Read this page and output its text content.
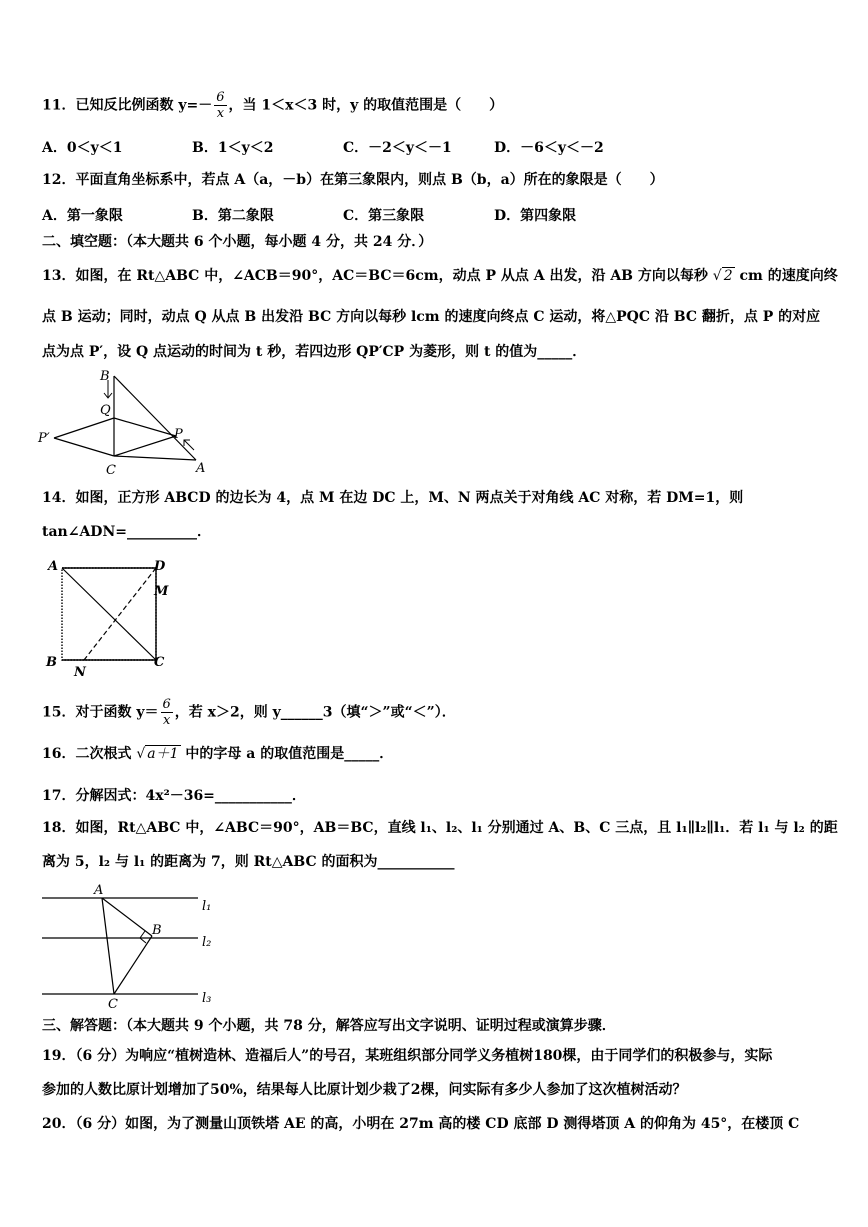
11．已知反比例函数 $y=- \frac{6}{x}$ ，当 1＜x＜3 时，y 的取值范围是（　　）
A．0＜y＜1	B．1＜y＜2	C．－2＜y＜－1	D．－6＜y＜－2
12．平面直角坐标系中，若点 A（a，－b）在第三象限内，则点 B（b，a）所在的象限是（　　）
A．第一象限	B．第二象限	C．第三象限	D．第四象限
二、填空题：（本大题共 6 个小题，每小题 4 分，共 24 分．）
13．如图，在 Rt△ABC 中，∠ACB＝90°，AC＝BC＝6cm，动点 P 从点 A 出发，沿 AB 方向以每秒 √ 2 cm 的速度向终
点 B 运动；同时，动点 Q 从点 B 出发沿 BC 方向以每秒 lcm 的速度向终点 C 运动，将△PQC 沿 BC 翻折，点 P 的对应
点为点 P′，设 Q 点运动的时间为 t 秒，若四边形 QP′CP 为菱形，则 t 的值为_____．
B
Q
P′	P
C	A
14．如图，正方形 ABCD 的边长为 4，点 M 在边 DC 上，M、N 两点关于对角线 AC 对称，若 DM=1，则
tan∠ADN=__________．
A	D
M
B
N
C
15．对于函数 $y= \frac{6}{x}$ ，若 x＞2，则 y______3（填“＞”或“＜”）．
16．二次根式 √ a＋1 中的字母 a 的取值范围是_____．
17．分解因式：4x²－36=___________．
18．如图，Rt△ABC 中，∠ABC＝90°，AB＝BC，直线 l₁、l₂、l₁ 分别通过 A、B、C 三点，且 l₁∥l₂∥l₁．若 l₁ 与 l₂ 的距
离为 5，l₂ 与 l₁ 的距离为 7，则 Rt△ABC 的面积为___________
A
B
C
l₁
l₂
l₃
三、解答题：（本大题共 9 个小题，共 78 分，解答应写出文字说明、证明过程或演算步骤．
19．（6 分）为响应“植树造林、造福后人”的号召，某班组织部分同学义务植树180棵，由于同学们的积极参与，实际
参加的人数比原计划增加了50%，结果每人比原计划少栽了2棵，问实际有多少人参加了这次植树活动？
20．（6 分）如图，为了测量山顶铁塔 AE 的高，小明在 27m 高的楼 CD 底部 D 测得塔顶 A 的仰角为 45°，在楼顶 C
